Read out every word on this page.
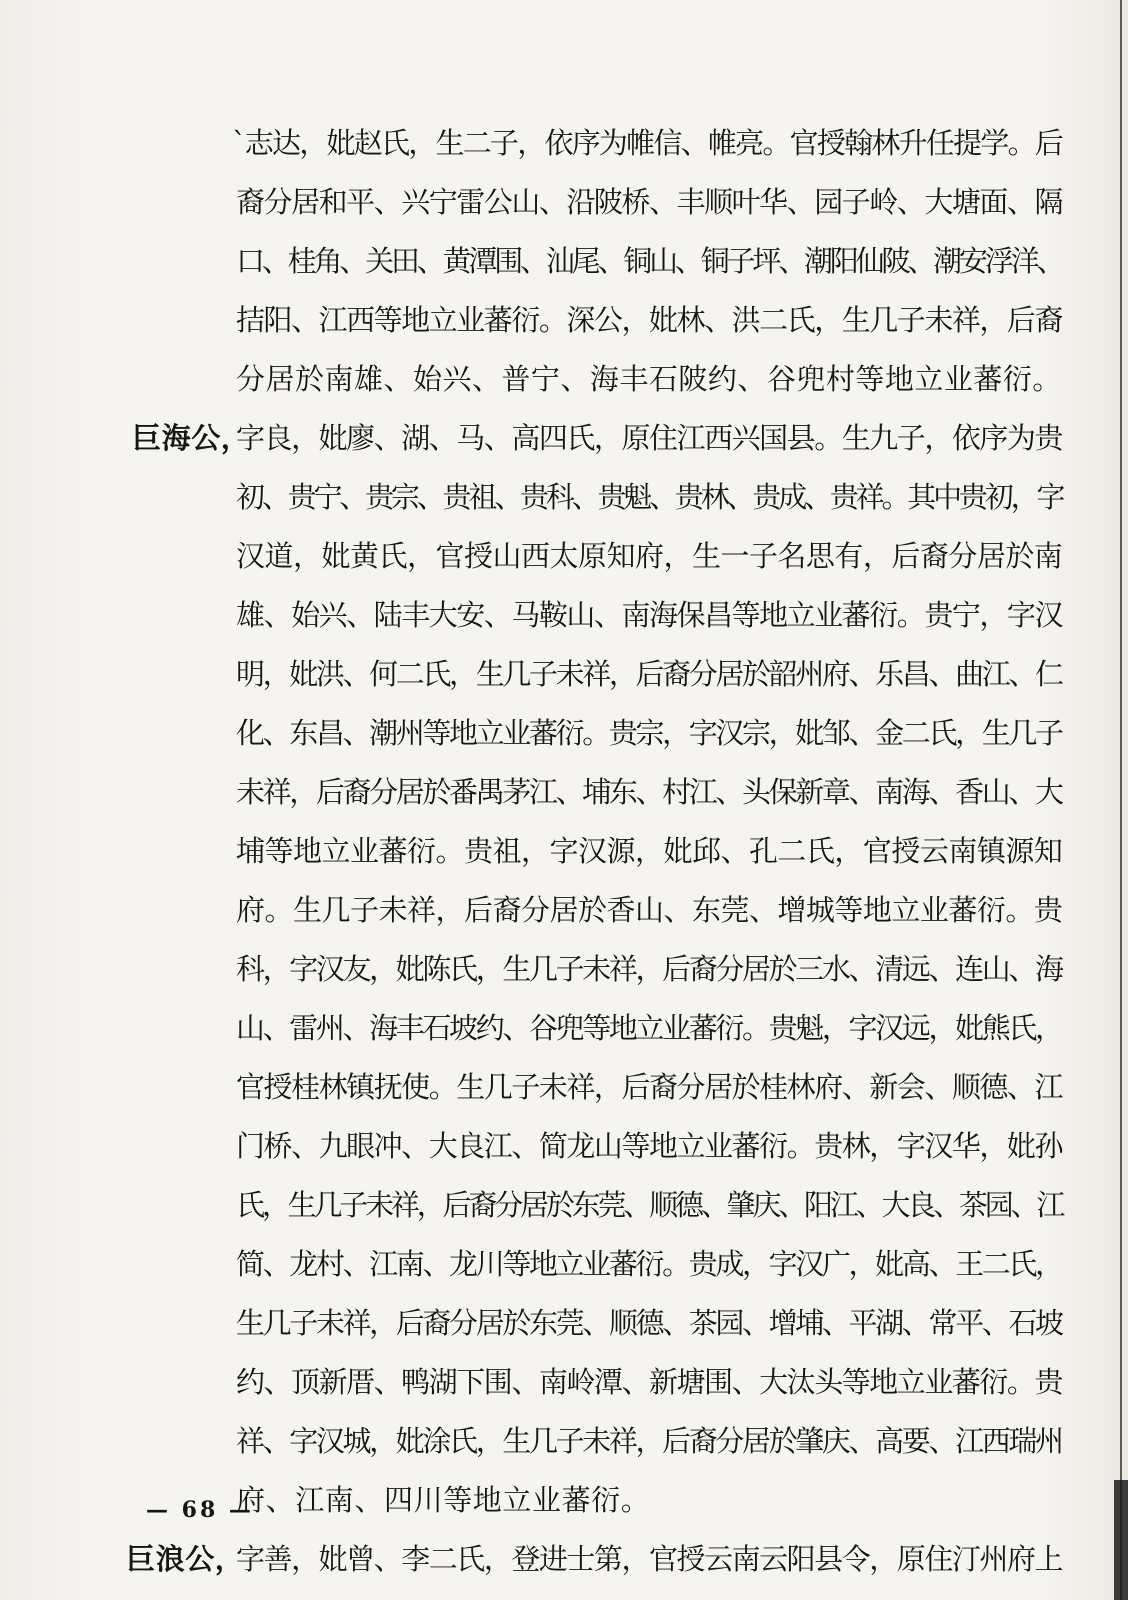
`志达，妣赵氏，生二子，依序为帷信、帷亮。官授翰林升任提学。后
裔分居和平、兴宁雷公山、沿陂桥、丰顺叶华、园子岭、大塘面、隔
口、桂角、关田、黄潭围、汕尾、铜山、铜子坪、潮阳仙陂、潮安浮洋、
拮阳、江西等地立业蕃衍。深公，妣林、洪二氏，生几子未祥，后裔
分居於南雄、始兴、普宁、海丰石陂约、谷兜村等地立业蕃衍。
巨海公，
字良，妣廖、湖、马、高四氏，原住江西兴国县。生九子，依序为贵
初、贵宁、贵宗、贵祖、贵科、贵魁、贵林、贵成、贵祥。其中贵初，字
汉道，妣黄氏，官授山西太原知府，生一子名思有，后裔分居於南
雄、始兴、陆丰大安、马鞍山、南海保昌等地立业蕃衍。贵宁，字汉
明，妣洪、何二氏，生几子未祥，后裔分居於韶州府、乐昌、曲江、仁
化、东昌、潮州等地立业蕃衍。贵宗，字汉宗，妣邹、金二氏，生几子
未祥，后裔分居於番禺茅江、埔东、村江、头保新章、南海、香山、大
埔等地立业蕃衍。贵祖，字汉源，妣邱、孔二氏，官授云南镇源知
府。生几子未祥，后裔分居於香山、东莞、增城等地立业蕃衍。贵
科，字汉友，妣陈氏，生几子未祥，后裔分居於三水、清远、连山、海
山、雷州、海丰石坡约、谷兜等地立业蕃衍。贵魁，字汉远，妣熊氏，
官授桂林镇抚使。生几子未祥，后裔分居於桂林府、新会、顺德、江
门桥、九眼冲、大良江、简龙山等地立业蕃衍。贵林，字汉华，妣孙
氏，生几子未祥，后裔分居於东莞、顺德、肇庆、阳江、大良、茶园、江
简、龙村、江南、龙川等地立业蕃衍。贵成，字汉广，妣高、王二氏，
生几子未祥，后裔分居於东莞、顺德、茶园、增埔、平湖、常平、石坡
约、顶新厝、鸭湖下围、南岭潭、新塘围、大汰头等地立业蕃衍。贵
祥、字汉城，妣涂氏，生几子未祥，后裔分居於肇庆、高要、江西瑞州
府、江南、四川等地立业蕃衍。
巨浪公，
字善，妣曾、李二氏，登进士第，官授云南云阳县令，原住汀州府上
— 68 —
